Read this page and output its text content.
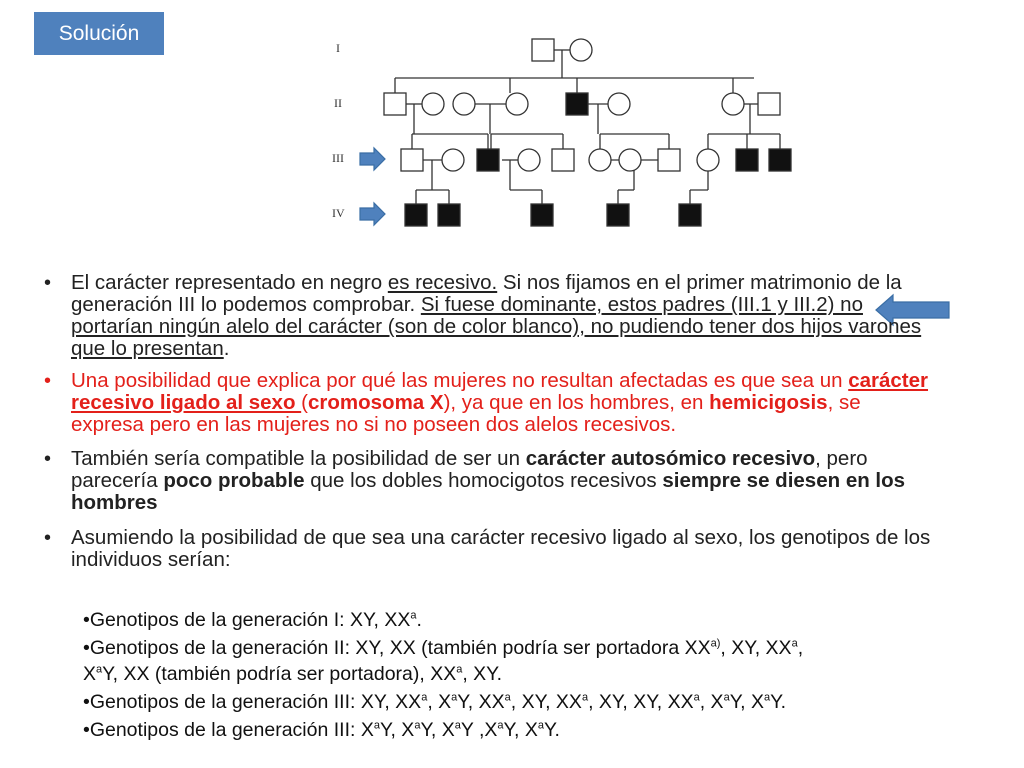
Solución
I
II
III
IV
• El carácter representado en negro es recesivo. Si nos fijamos en el primer matrimonio de la generación III lo podemos comprobar. Si fuese dominante, estos padres (III.1 y III.2) no portarían ningún alelo del carácter (son de color blanco), no pudiendo tener dos hijos varones que lo presentan.
• Una posibilidad que explica por qué las mujeres no resultan afectadas es que sea un carácter recesivo ligado al sexo (cromosoma X), ya que en los hombres, en hemicigosis, se expresa pero en las mujeres no si no poseen dos alelos recesivos.
• También sería compatible la posibilidad de ser un carácter autosómico recesivo, pero parecería poco probable que los dobles homocigotos recesivos siempre se diesen en los hombres
• Asumiendo la posibilidad de que sea una carácter recesivo ligado al sexo, los genotipos de los individuos serían:
•Genotipos de la generación I: XY, $XX^a$.
•Genotipos de la generación II: XY, XX (también podría ser portadora XX$^{a)}$, XY, $XX^a$,
$X^aY$, XX (también podría ser portadora), $XX^a$, XY.
•Genotipos de la generación III: XY, $XX^a$, $X^aY$, $XX^a$, XY, $XX^a$, XY, XY, $XX^a$, $X^aY$, $X^aY$.
•Genotipos de la generación III: $X^aY$, $X^aY$, $X^aY$ $,X^aY$, $X^aY$.
